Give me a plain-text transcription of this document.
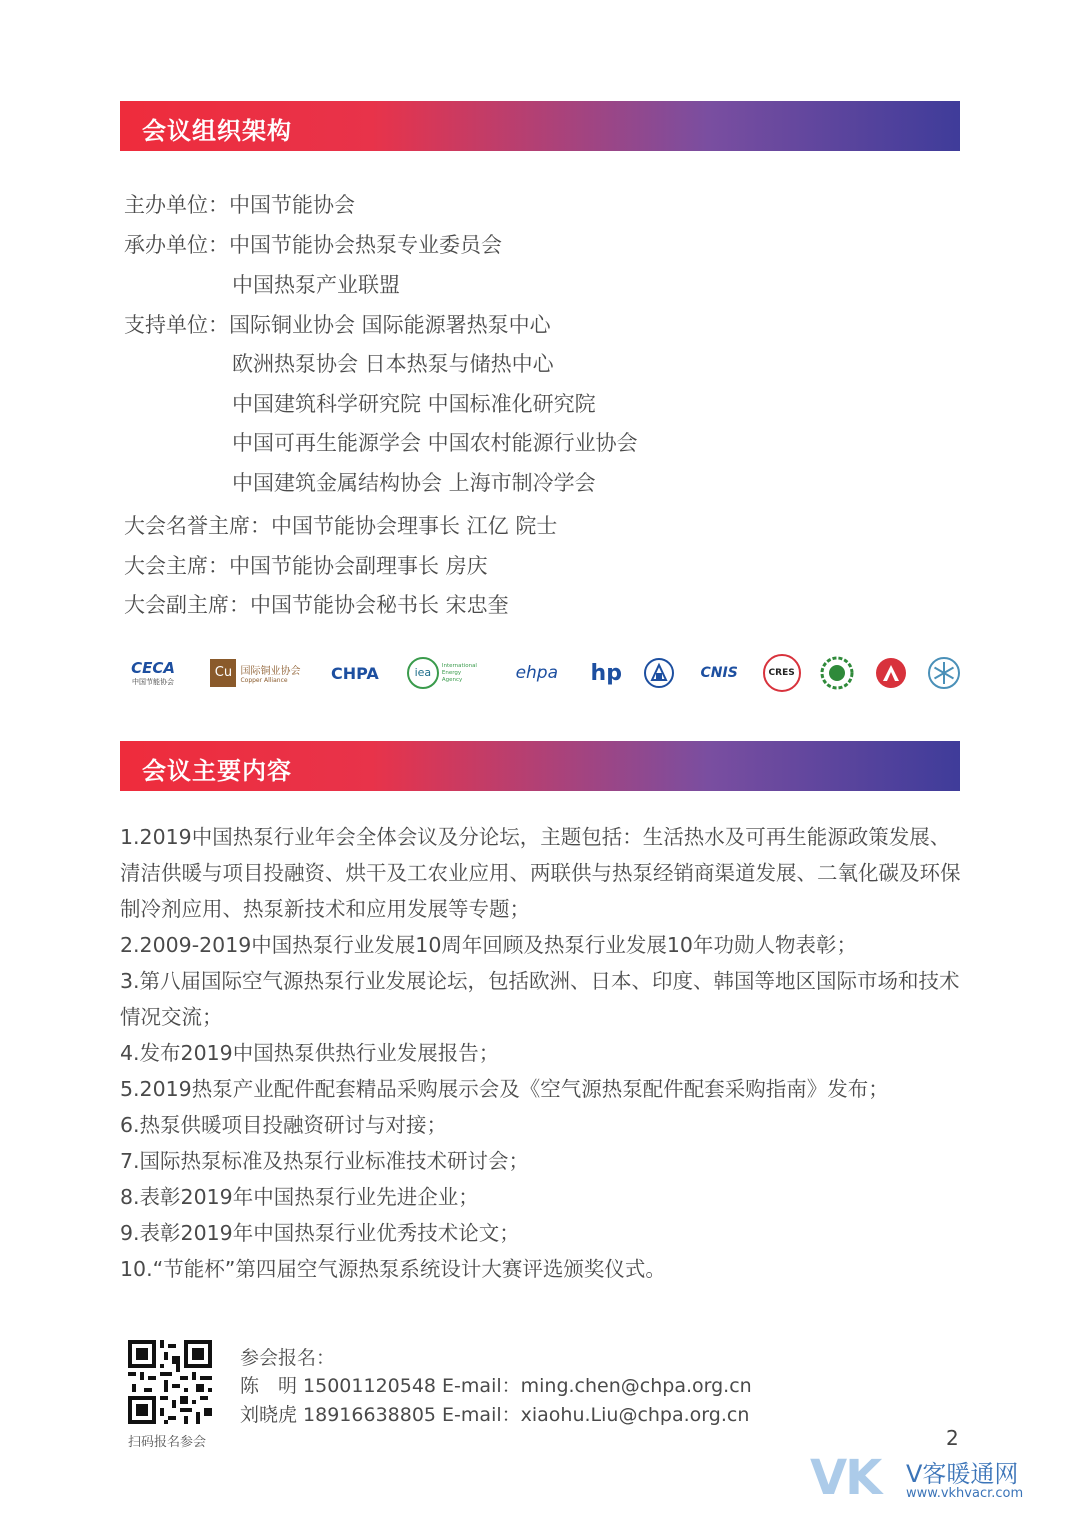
会议组织架构
主办单位：中国节能协会
承办单位：中国节能协会热泵专业委员会
中国热泵产业联盟
支持单位：国际铜业协会 国际能源署热泵中心
欧洲热泵协会 日本热泵与储热中心
中国建筑科学研究院 中国标准化研究院
中国可再生能源学会 中国农村能源行业协会
中国建筑金属结构协会 上海市制冷学会
大会名誉主席：中国节能协会理事长 江亿 院士
大会主席：中国节能协会副理事长 房庆
大会副主席：中国节能协会秘书长 宋忠奎
CECA
中国节能协会
Cu 国际铜业协会
Copper Alliance	CHPA	iea
International Energy Agency	ehpa hp	CNIS	CRES
会议主要内容
1.2019中国热泵行业年会全体会议及分论坛，主题包括：生活热水及可再生能源政策发展、清洁供暖与项目投融资、烘干及工农业应用、两联供与热泵经销商渠道发展、二氧化碳及环保制冷剂应用、热泵新技术和应用发展等专题；
2.2009-2019中国热泵行业发展10周年回顾及热泵行业发展10年功勋人物表彰；
3.第八届国际空气源热泵行业发展论坛，包括欧洲、日本、印度、韩国等地区国际市场和技术情况交流；
4.发布2019中国热泵供热行业发展报告；
5.2019热泵产业配件配套精品采购展示会及《空气源热泵配件配套采购指南》发布；
6.热泵供暖项目投融资研讨与对接；
7.国际热泵标准及热泵行业标准技术研讨会；
8.表彰2019年中国热泵行业先进企业；
9.表彰2019年中国热泵行业优秀技术论文；
10.“节能杯”第四届空气源热泵系统设计大赛评选颁奖仪式。
扫码报名参会
参会报名：
陈　明 15001120548 E-mail：ming.chen@chpa.org.cn
刘晓虎 18916638805 E-mail：xiaohu.Liu@chpa.org.cn
2
VK V客暖通网
www.vkhvacr.com
